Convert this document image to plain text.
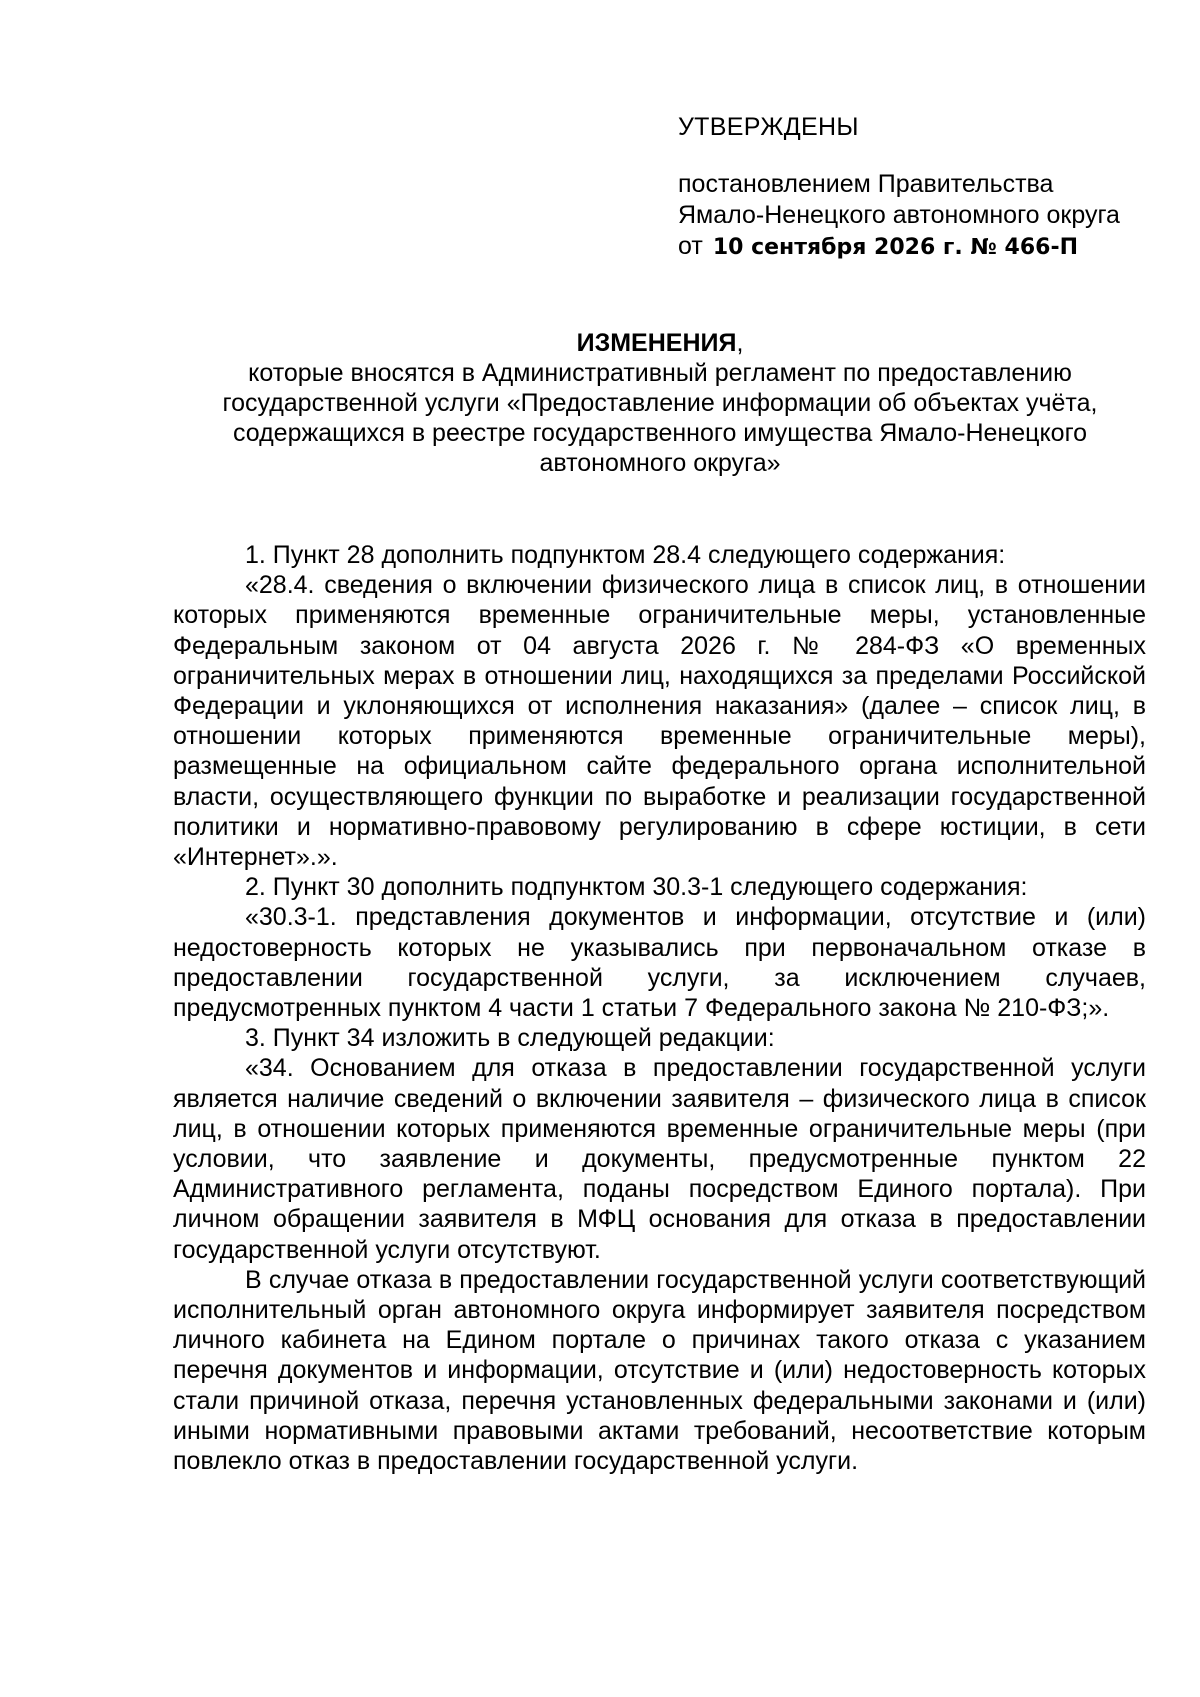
УТВЕРЖДЕНЫ
постановлением Правительства
Ямало-Ненецкого автономного округа
от 10 сентября 2026 г. № 466-П
ИЗМЕНЕНИЯ,
которые вносятся в Административный регламент по предоставлению
государственной услуги «Предоставление информации об объектах учёта,
содержащихся в реестре государственного имущества Ямало-Ненецкого
автономного округа»

1. Пункт 28 дополнить подпунктом 28.4 следующего содержания:

«28.4. сведения о включении физического лица в список лиц, в отношении которых применяются временные ограничительные меры, установленные Федеральным законом от 04 августа 2026 г. № 284-ФЗ «О временных ограничительных мерах в отношении лиц, находящихся за пределами Российской Федерации и уклоняющихся от исполнения наказания» (далее – список лиц, в отношении которых применяются временные ограничительные меры), размещенные на официальном сайте федерального органа исполнительной власти, осуществляющего функции по выработке и реализации государственной политики и нормативно-правовому регулированию в сфере юстиции, в сети «Интернет».».

2. Пункт 30 дополнить подпунктом 30.3-1 следующего содержания:

«30.3-1. представления документов и информации, отсутствие и (или) недостоверность которых не указывались при первоначальном отказе в предоставлении государственной услуги, за исключением случаев, предусмотренных пунктом 4 части 1 статьи 7 Федерального закона № 210-ФЗ;».

3. Пункт 34 изложить в следующей редакции:

«34. Основанием для отказа в предоставлении государственной услуги является наличие сведений о включении заявителя – физического лица в список лиц, в отношении которых применяются временные ограничительные меры (при условии, что заявление и документы, предусмотренные пунктом 22 Административного регламента, поданы посредством Единого портала). При личном обращении заявителя в МФЦ основания для отказа в предоставлении государственной услуги отсутствуют.

В случае отказа в предоставлении государственной услуги соответствующий исполнительный орган автономного округа информирует заявителя посредством личного кабинета на Едином портале о причинах такого отказа с указанием перечня документов и информации, отсутствие и (или) недостоверность которых стали причиной отказа, перечня установленных федеральными законами и (или) иными нормативными правовыми актами требований, несоответствие которым повлекло отказ в предоставлении государственной услуги.
